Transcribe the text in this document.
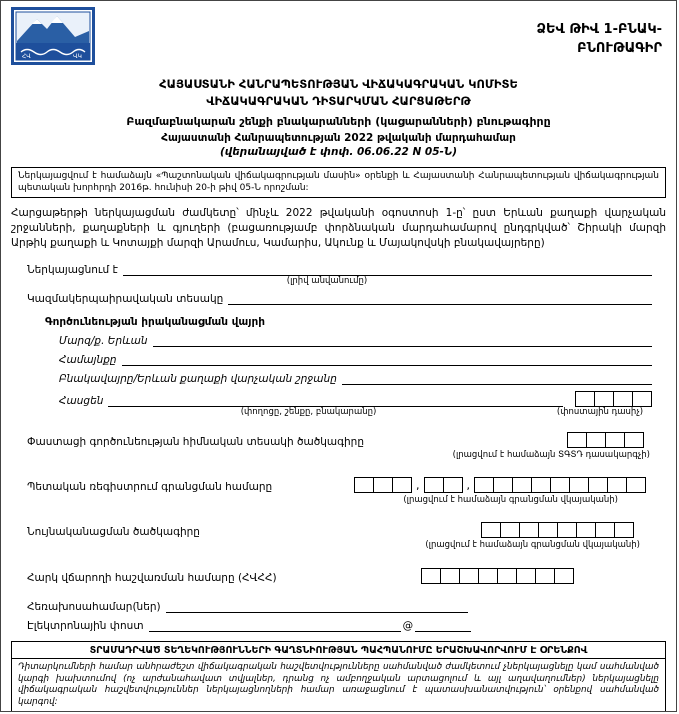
ՀՎ	ՎԿ
ՁԵՎ ԹԻՎ 1-ԲՆԱԿ-
ԲՆՈՒԹԱԳԻՐ
ՀԱՅԱՍՏԱՆԻ ՀԱՆՐԱՊԵՏՈՒԹՅԱՆ ՎԻՃԱԿԱԳՐԱԿԱՆ ԿՈՄԻՏԵ
ՎԻՃԱԿԱԳՐԱԿԱՆ ԴԻՏԱՐԿՄԱՆ ՀԱՐՑԱԹԵՐԹ
Բազմաբնակարան շենքի բնակարանների (կացարանների) բնութագիրը
Հայաստանի Հանրապետության 2022 թվականի մարդահամար
(վերանայված է փոփ. 06.06.22 N 05-Ն)
Ներկայացվում է համաձայն «Պաշտոնական վիճակագրության մասին» օրենքի և Հայաստանի Հանրապետության վիճակագրության պետական խորհրդի 2016թ. հունիսի 20-ի թիվ 05-Ն որոշման:
Հարցաթերթի ներկայացման ժամկետը՝ մինչև 2022 թվականի օգոստոսի 1-ը՝ ըստ Երևան քաղաքի վարչական շրջանների, քաղաքների և գյուղերի (բացառությամբ փորձնական մարդահամարով ընդգրկված՝ Շիրակի մարզի Արթիկ քաղաքի և Կոտայքի մարզի Արամուս, Կամարիս, Ակունք և Մայակովսկի բնակավայրերը)
Ներկայացնում է
(լրիվ անվանումը)
Կազմակերպաիրավական տեսակը
Գործունեության իրականացման վայրի
Մարզ/ք. Երևան
Համայնքը
Բնակավայրը/Երևան քաղաքի վարչական շրջանը
Հասցեն
(փողոցը, շենքը, բնակարանը)	(փոստային դասիչ)
Փաստացի գործունեության հիմնական տեսակի ծածկագիրը
(լրացվում է համաձայն ՏԳՏԴ դասակարգչի)
Պետական ռեգիստրում գրանցման համարը	,	,
(լրացվում է համաձայն գրանցման վկայականի)
Նույնականացման ծածկագիրը
(լրացվում է համաձայն գրանցման վկայականի)
Հարկ վճարողի հաշվառման համարը (ՀՎՀՀ)
Հեռախոսահամար(ներ)
Էլեկտրոնային փոստ	@
ՏՐԱՄԱԴՐՎԱԾ ՏԵՂԵԿՈՒԹՅՈՒՆՆԵՐԻ ԳԱՂՏՆԻՈՒԹՅԱՆ ՊԱՀՊԱՆՈՒՄԸ ԵՐԱՇԽԱՎՈՐՎՈՒՄ Է ՕՐԵՆՔՈՎ
Դիտարկումների համար անհրաժեշտ վիճակագրական հաշվետվությունները սահմանված ժամկետում չներկայացնելը կամ սահմանված կարգի խախտումով (ոչ արժանահավատ տվյալներ, դրանց ոչ ամբողջական արտացոլում և այլ աղավաղումներ) ներկայացնելը վիճակագրական հաշվետվություններ ներկայացնողների համար առաջացնում է պատասխանատվություն՝ օրենքով սահմանված կարգով:
